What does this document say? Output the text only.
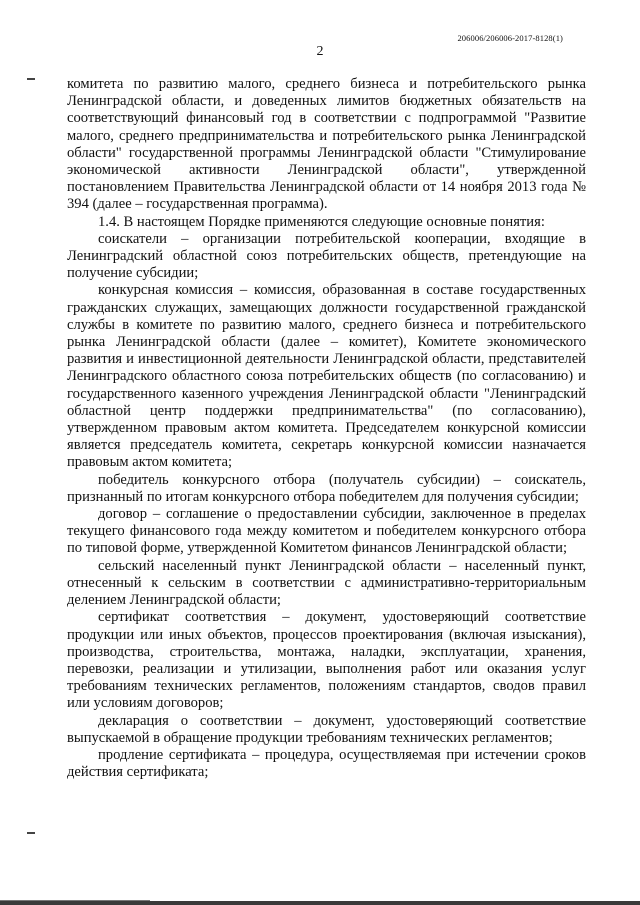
206006/206006-2017-8128(1)
2

комитета по развитию малого, среднего бизнеса и потребительского рынка Ленинградской области, и доведенных лимитов бюджетных обязательств на соответствующий финансовый год в соответствии с подпрограммой "Развитие малого, среднего предпринимательства и потребительского рынка Ленинградской области" государственной программы Ленинградской области "Стимулирование экономической активности Ленинградской области", утвержденной постановлением Правительства Ленинградской области от 14 ноября 2013 года № 394 (далее – государственная программа).

1.4. В настоящем Порядке применяются следующие основные понятия:

соискатели – организации потребительской кооперации, входящие в Ленинградский областной союз потребительских обществ, претендующие на получение субсидии;

конкурсная комиссия – комиссия, образованная в составе государственных гражданских служащих, замещающих должности государственной гражданской службы в комитете по развитию малого, среднего бизнеса и потребительского рынка Ленинградской области (далее – комитет), Комитете экономического развития и инвестиционной деятельности Ленинградской области, представителей Ленинградского областного союза потребительских обществ (по согласованию) и государственного казенного учреждения Ленинградской области "Ленинградский областной центр поддержки предпринимательства" (по согласованию), утвержденном правовым актом комитета. Председателем конкурсной комиссии является председатель комитета, секретарь конкурсной комиссии назначается правовым актом комитета;

победитель конкурсного отбора (получатель субсидии) – соискатель, признанный по итогам конкурсного отбора победителем для получения субсидии;

договор – соглашение о предоставлении субсидии, заключенное в пределах текущего финансового года между комитетом и победителем конкурсного отбора по типовой форме, утвержденной Комитетом финансов Ленинградской области;

сельский населенный пункт Ленинградской области – населенный пункт, отнесенный к сельским в соответствии с административно-территориальным делением Ленинградской области;

сертификат соответствия – документ, удостоверяющий соответствие продукции или иных объектов, процессов проектирования (включая изыскания), производства, строительства, монтажа, наладки, эксплуатации, хранения, перевозки, реализации и утилизации, выполнения работ или оказания услуг требованиям технических регламентов, положениям стандартов, сводов правил или условиям договоров;

декларация о соответствии – документ, удостоверяющий соответствие выпускаемой в обращение продукции требованиям технических регламентов;

продление сертификата – процедура, осуществляемая при истечении сроков действия сертификата;
